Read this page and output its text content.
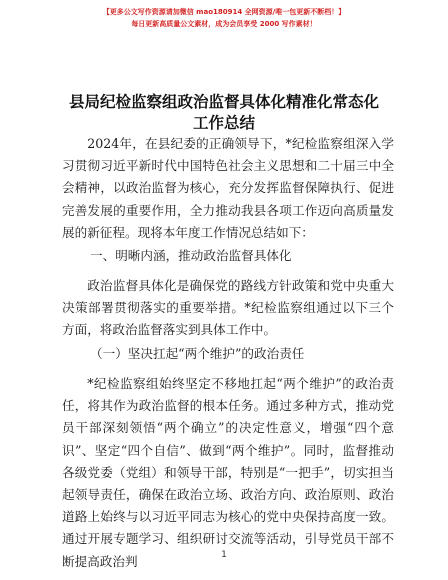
【更多公文写作资源请加微信 mao180914 全网资源/唯一包更新不断档！】
每日更新高质量公文素材，成为会员享受 2000 写作素材！
县局纪检监察组政治监督具体化精准化常态化
工作总结

2024年，在县纪委的正确领导下，*纪检监察组深入学习贯彻习近平新时代中国特色社会主义思想和二十届三中全会精神，以政治监督为核心，充分发挥监督保障执行、促进完善发展的重要作用，全力推动我县各项工作迈向高质量发展的新征程。现将本年度工作情况总结如下：

一、明晰内涵，推动政治监督具体化

政治监督具体化是确保党的路线方针政策和党中央重大决策部署贯彻落实的重要举措。*纪检监察组通过以下三个方面，将政治监督落实到具体工作中。

（一）坚决扛起“两个维护”的政治责任

*纪检监察组始终坚定不移地扛起“两个维护”的政治责任，将其作为政治监督的根本任务。通过多种方式，推动党员干部深刻领悟“两个确立”的决定性意义，增强“四个意识”、坚定“四个自信”、做到“两个维护”。同时，监督推动各级党委（党组）和领导干部，特别是“一把手”，切实担当起领导责任，确保在政治立场、政治方向、政治原则、政治道路上始终与以习近平同志为核心的党中央保持高度一致。通过开展专题学习、组织研讨交流等活动，引导党员干部不断提高政治判	1
